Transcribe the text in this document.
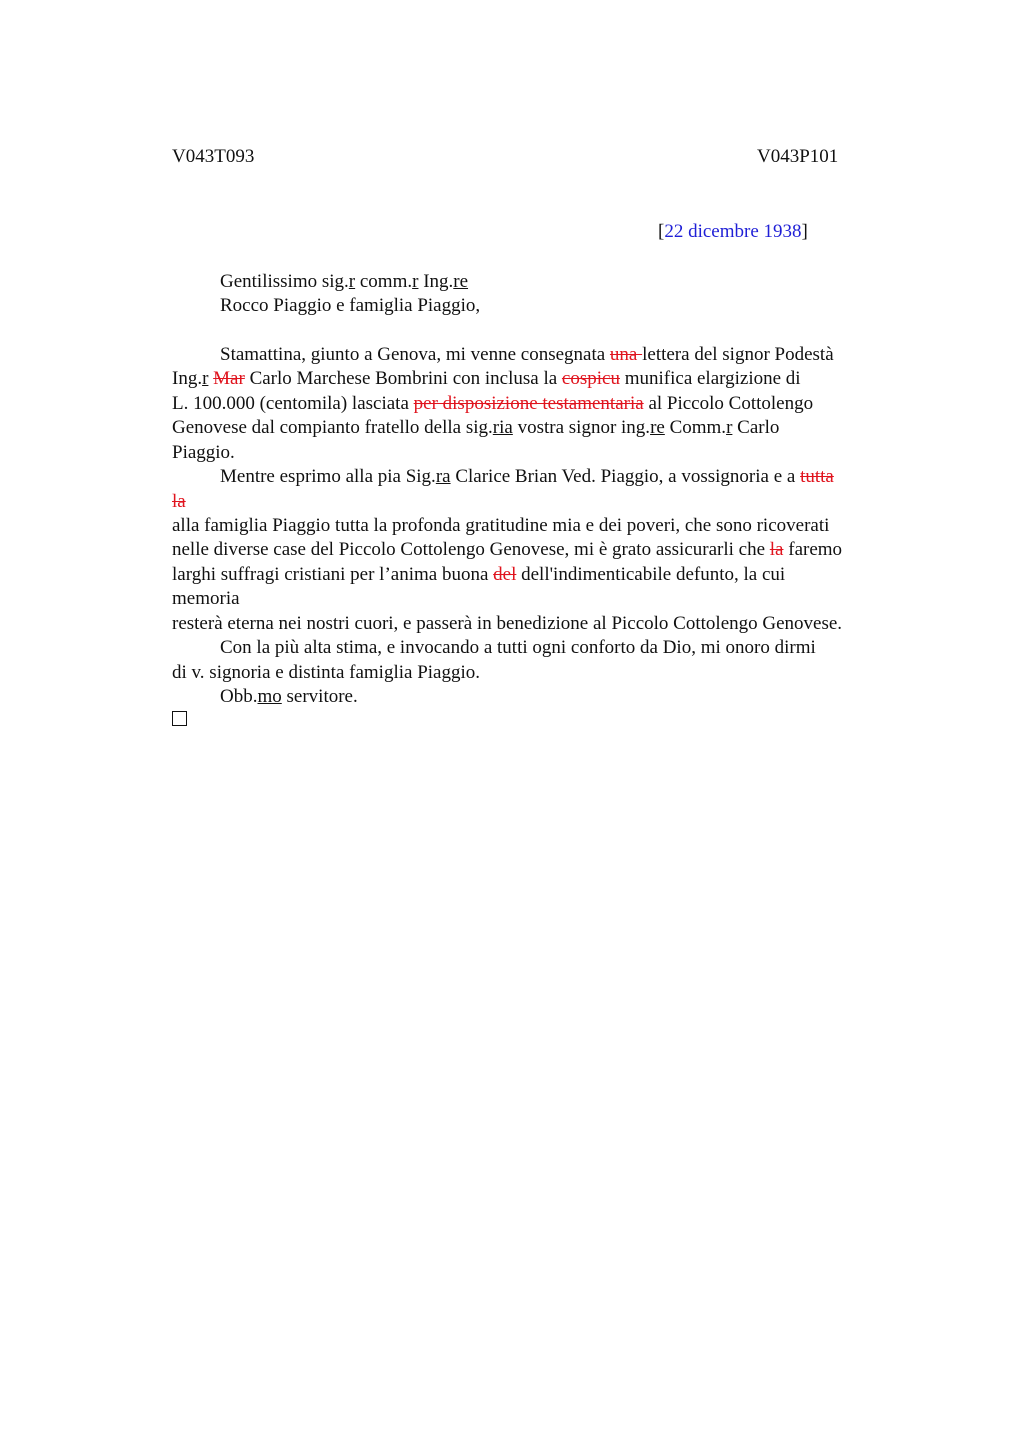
V043T093	V043P101
[22 dicembre 1938]
Gentilissimo sig.r comm.r Ing.re
Rocco Piaggio e famiglia Piaggio,
Stamattina, giunto a Genova, mi venne consegnata una lettera del signor Podestà
Ing.r Mar Carlo Marchese Bombrini con inclusa la cospicu munifica elargizione di
L. 100.000 (centomila) lasciata per disposizione testamentaria al Piccolo Cottolengo
Genovese dal compianto fratello della sig.ria vostra signor ing.re Comm.r Carlo
Piaggio.
Mentre esprimo alla pia Sig.ra Clarice Brian Ved. Piaggio, a vossignoria e a tutta
la
alla famiglia Piaggio tutta la profonda gratitudine mia e dei poveri, che sono ricoverati
nelle diverse case del Piccolo Cottolengo Genovese, mi è grato assicurarli che la faremo
larghi suffragi cristiani per l’anima buona del dell'indimenticabile defunto, la cui
memoria
resterà eterna nei nostri cuori, e passerà in benedizione al Piccolo Cottolengo Genovese.
Con la più alta stima, e invocando a tutti ogni conforto da Dio, mi onoro dirmi
di v. signoria e distinta famiglia Piaggio.
Obb.mo servitore.
